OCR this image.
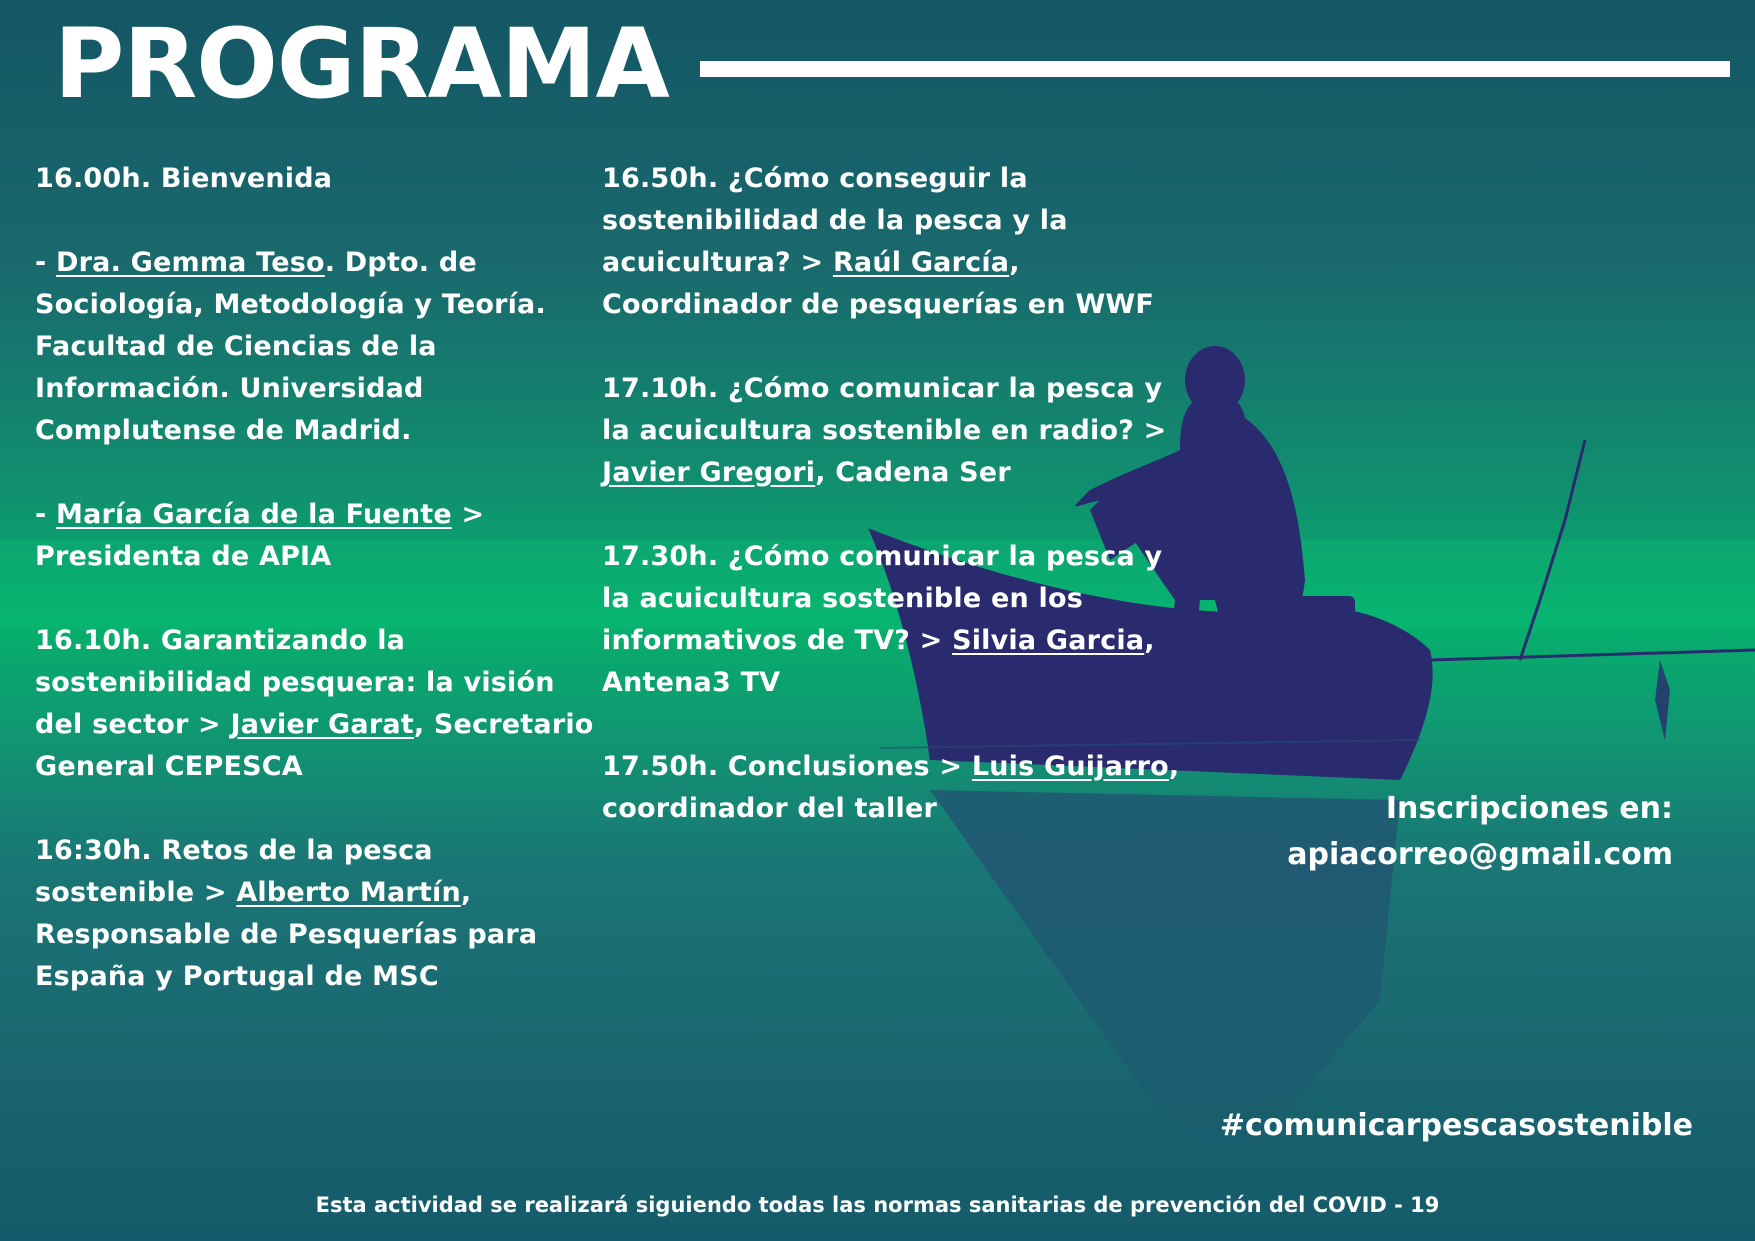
PROGRAMA

16.00h. Bienvenida

- Dra. Gemma Teso. Dpto. de Sociología, Metodología y Teoría. Facultad de Ciencias de la Información. Universidad Complutense de Madrid.

- María García de la Fuente > Presidenta de APIA

16.10h. Garantizando la sostenibilidad pesquera: la visión del sector > Javier Garat, Secretario General CEPESCA

16:30h. Retos de la pesca sostenible > Alberto Martín, Responsable de Pesquerías para España y Portugal de MSC

16.50h. ¿Cómo conseguir la sostenibilidad de la pesca y la acuicultura? > Raúl García, Coordinador de pesquerías en WWF

17.10h. ¿Cómo comunicar la pesca y la acuicultura sostenible en radio? > Javier Gregori, Cadena Ser

17.30h. ¿Cómo comunicar la pesca y la acuicultura sostenible en los informativos de TV? > Silvia Garcia, Antena3 TV

17.50h. Conclusiones > Luis Guijarro, coordinador del taller	Inscripciones en:
apiacorreo@gmail.com
#comunicarpescasostenible
Esta actividad se realizará siguiendo todas las normas sanitarias de prevención del COVID - 19
